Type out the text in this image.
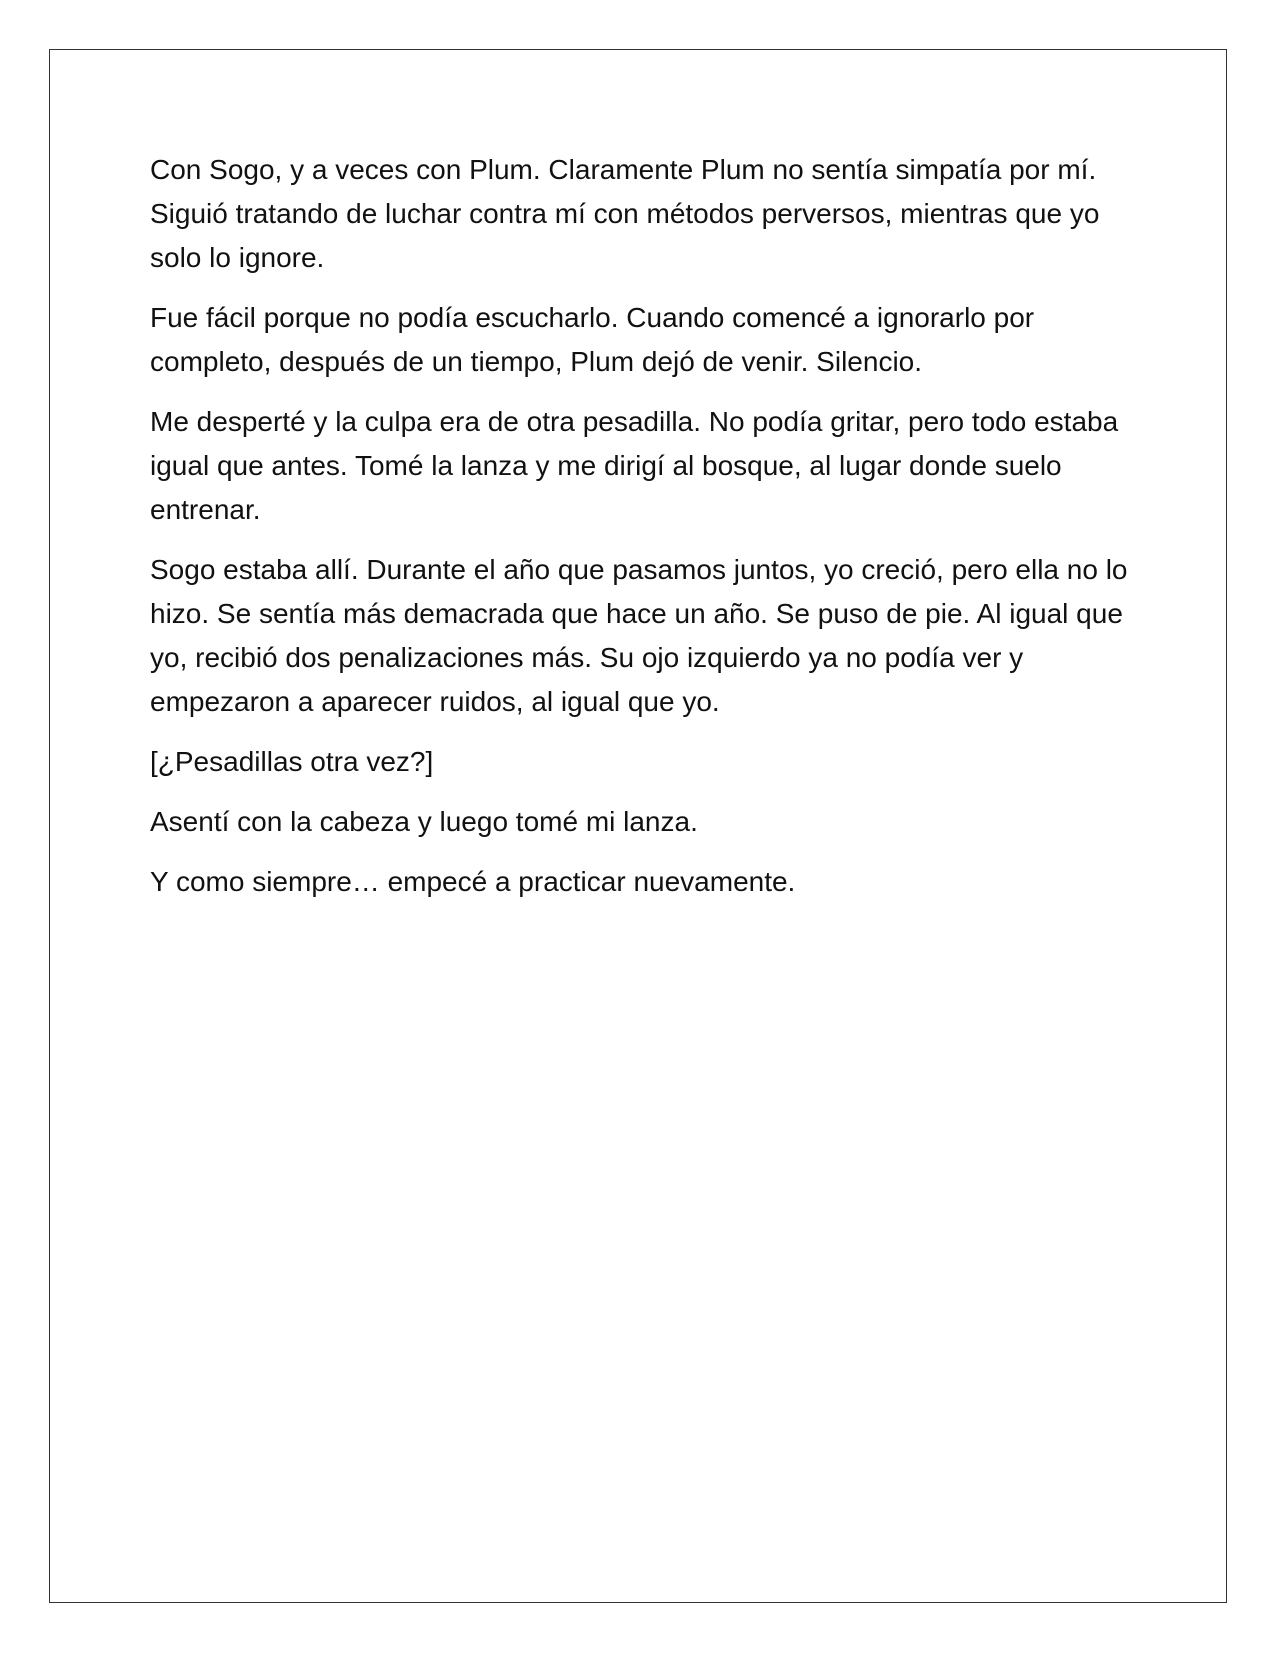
Con Sogo, y a veces con Plum. Claramente Plum no sentía simpatía por mí. Siguió tratando de luchar contra mí con métodos perversos, mientras que yo solo lo ignore.

Fue fácil porque no podía escucharlo. Cuando comencé a ignorarlo por completo, después de un tiempo, Plum dejó de venir. Silencio.

Me desperté y la culpa era de otra pesadilla. No podía gritar, pero todo estaba igual que antes. Tomé la lanza y me dirigí al bosque, al lugar donde suelo entrenar.

Sogo estaba allí. Durante el año que pasamos juntos, yo creció, pero ella no lo hizo. Se sentía más demacrada que hace un año. Se puso de pie. Al igual que yo, recibió dos penalizaciones más. Su ojo izquierdo ya no podía ver y empezaron a aparecer ruidos, al igual que yo.

[¿Pesadillas otra vez?]

Asentí con la cabeza y luego tomé mi lanza.

Y como siempre… empecé a practicar nuevamente.
